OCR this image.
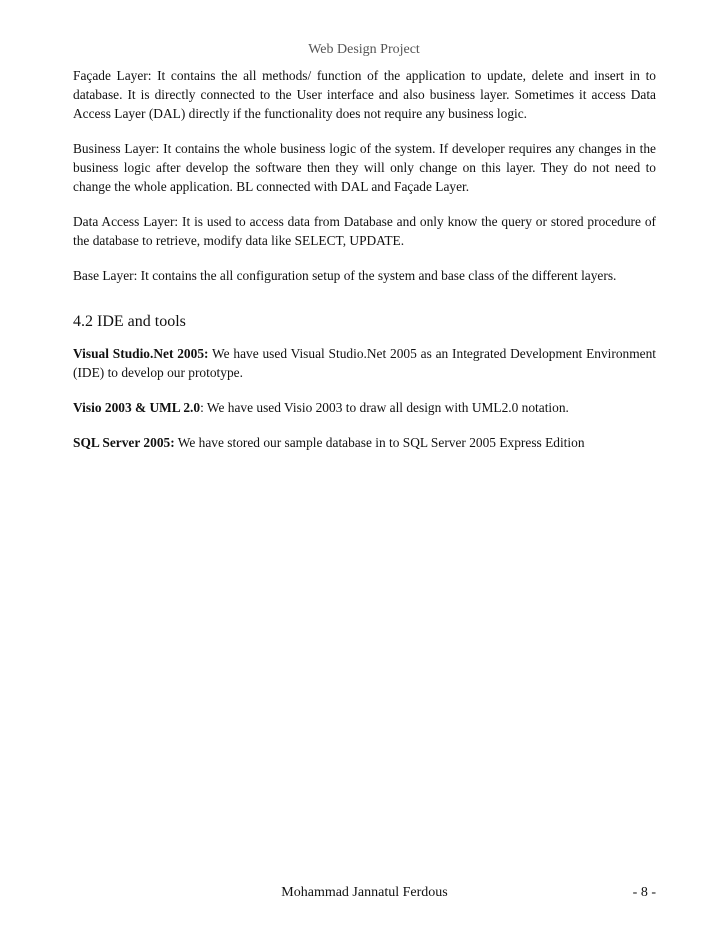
Web Design Project

Façade Layer: It contains the all methods/ function of the application to update, delete and insert in to database. It is directly connected to the User interface and also business layer. Sometimes it access Data Access Layer (DAL) directly if the functionality does not require any business logic.

Business Layer: It contains the whole business logic of the system. If developer requires any changes in the business logic after develop the software then they will only change on this layer. They do not need to change the whole application. BL connected with DAL and Façade Layer.

Data Access Layer: It is used to access data from Database and only know the query or stored procedure of the database to retrieve, modify data like SELECT, UPDATE.

Base Layer: It contains the all configuration setup of the system and base class of the different layers.

4.2 IDE and tools

Visual Studio.Net 2005: We have used Visual Studio.Net 2005 as an Integrated Development Environment (IDE) to develop our prototype.

Visio 2003 & UML 2.0: We have used Visio 2003 to draw all design with UML2.0 notation.

SQL Server 2005: We have stored our sample database in to SQL Server 2005 Express Edition

Mohammad Jannatul Ferdous	- 8 -
